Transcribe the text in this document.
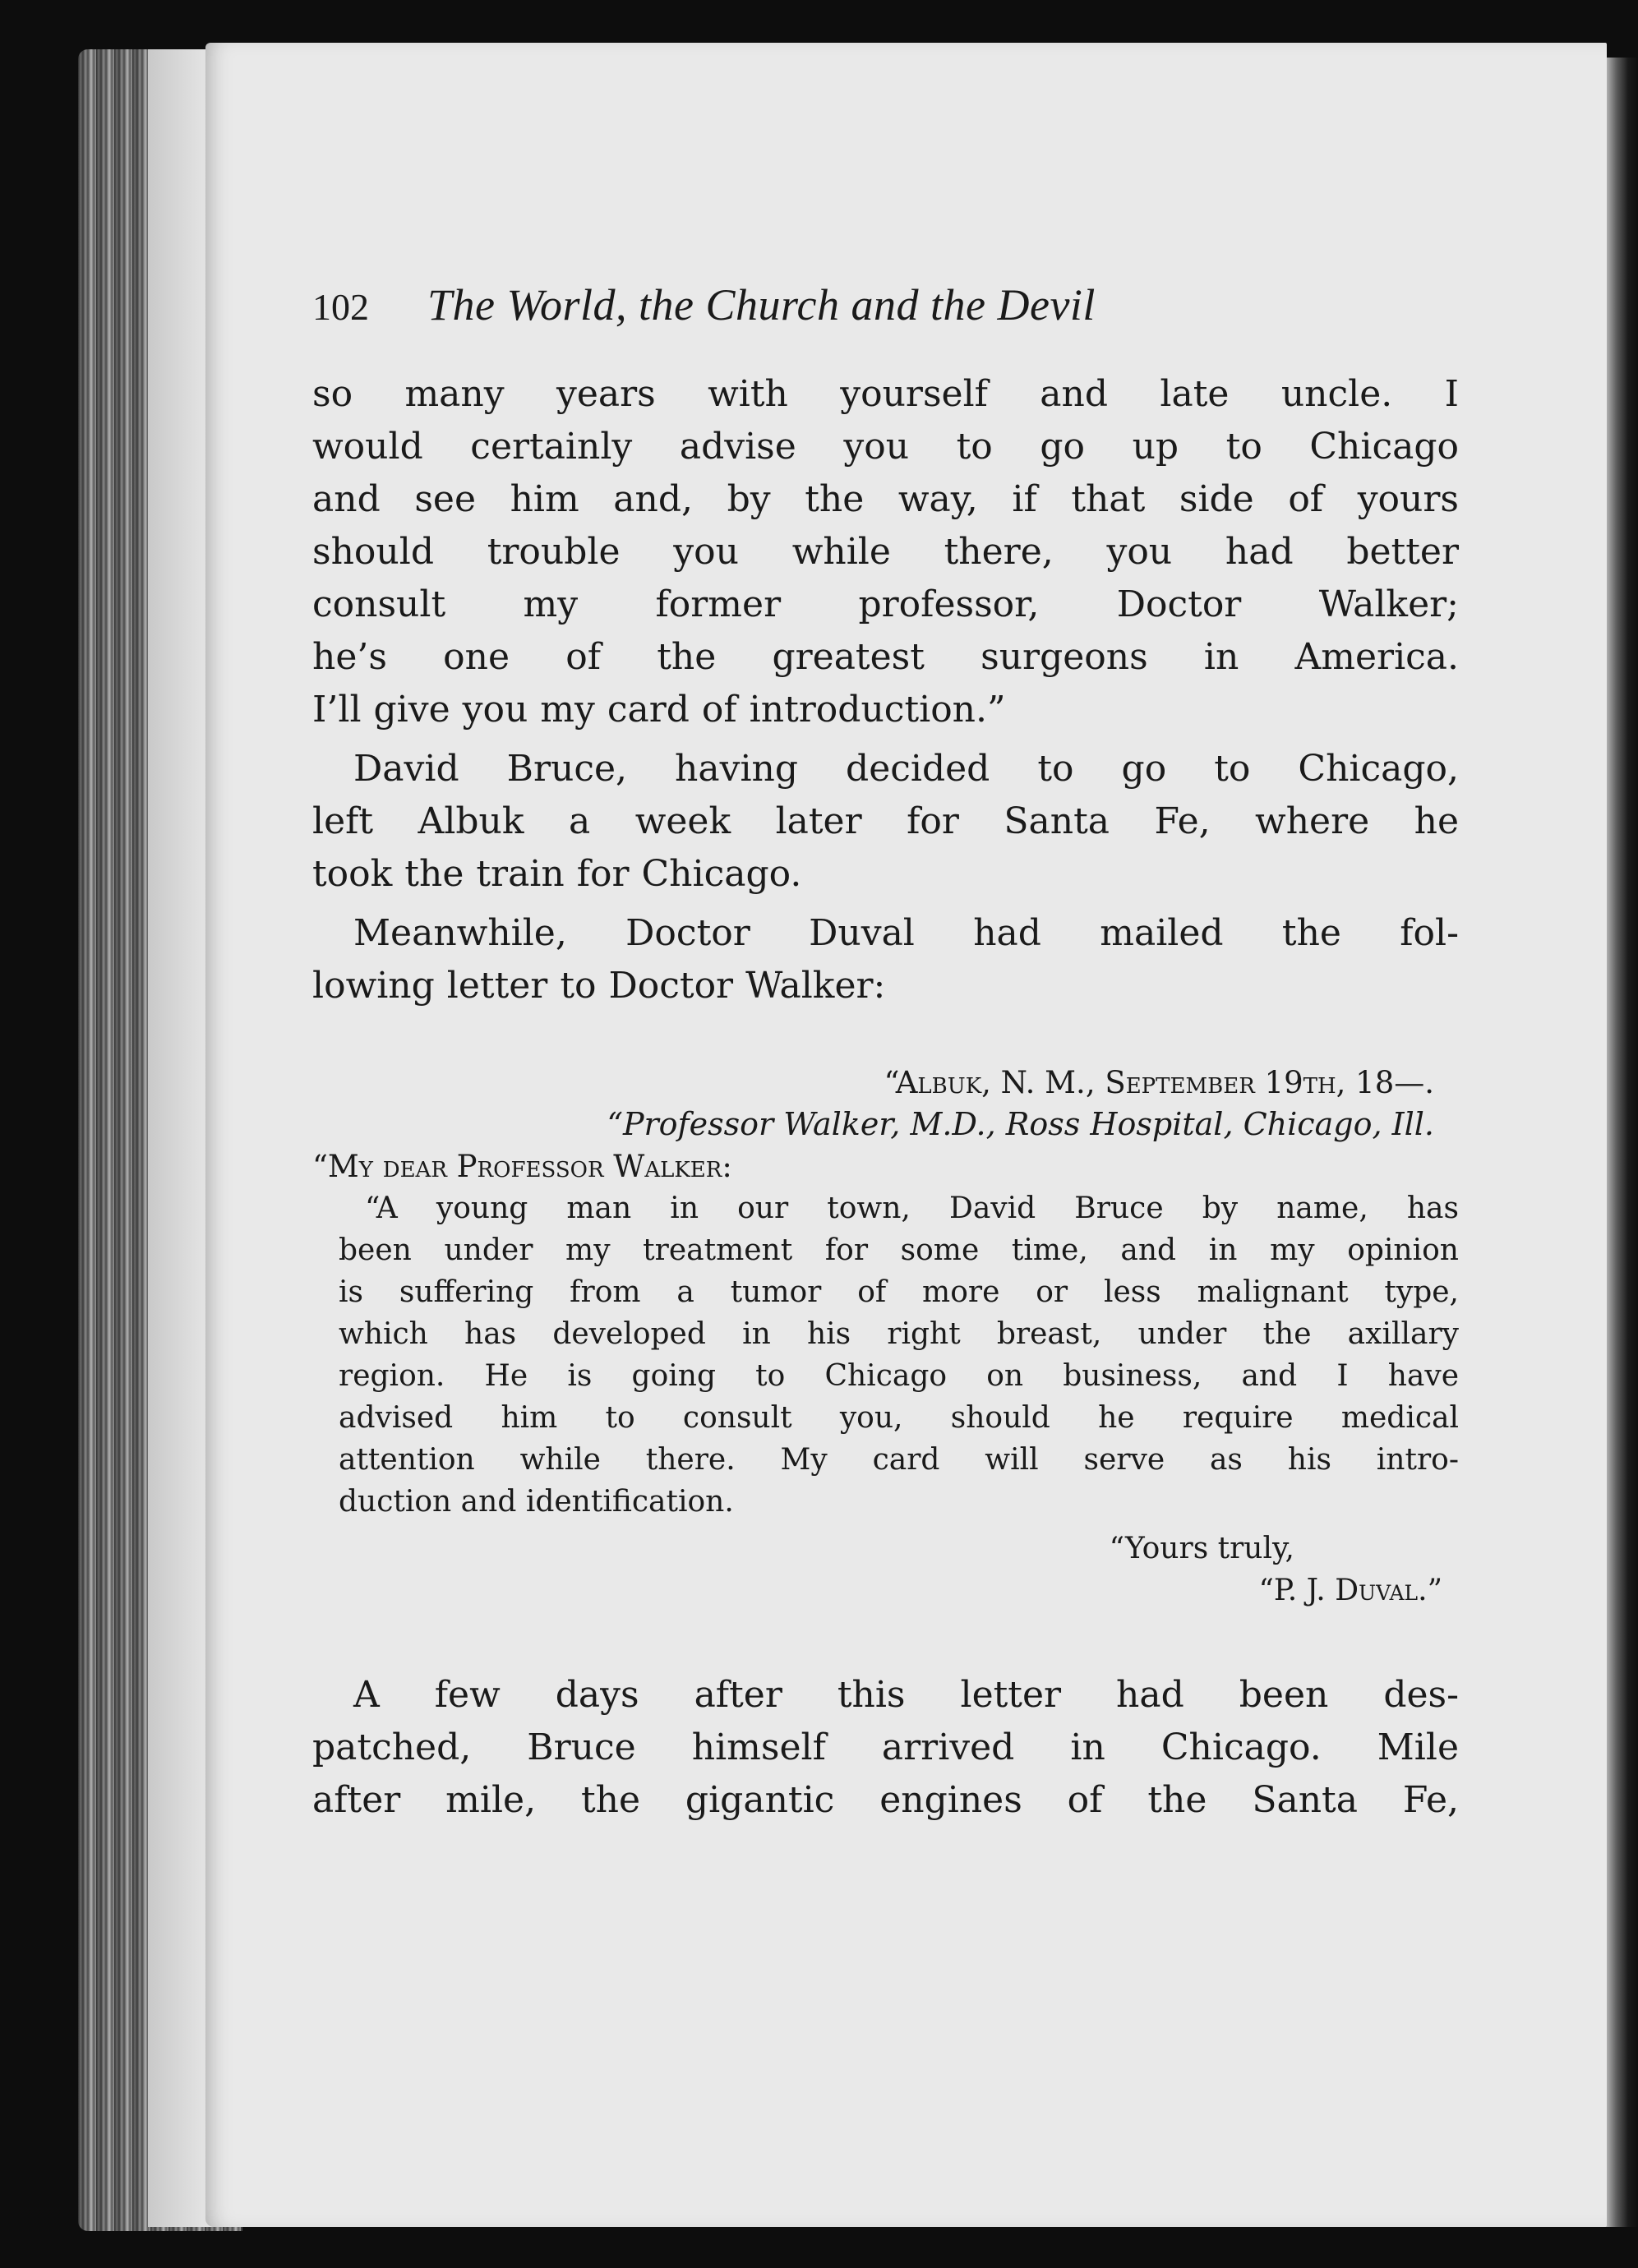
102	The World, the Church and the Devil

so many years with yourself and late uncle. I
would certainly advise you to go up to Chicago
and see him and, by the way, if that side of yours
should trouble you while there, you had better
consult my former professor, Doctor Walker;
he’s one of the greatest surgeons in America.
I’ll give you my card of introduction.”

David Bruce, having decided to go to Chicago,
left Albuk a week later for Santa Fe, where he
took the train for Chicago.

Meanwhile, Doctor Duval had mailed the fol-
lowing letter to Doctor Walker:

“Albuk, N. M., September 19th, 18—.
“Professor Walker, M.D., Ross Hospital, Chicago, Ill.
“My dear Professor Walker:

“A young man in our town, David Bruce by name, has
been under my treatment for some time, and in my opinion
is suffering from a tumor of more or less malignant type,
which has developed in his right breast, under the axillary
region. He is going to Chicago on business, and I have
advised him to consult you, should he require medical
attention while there. My card will serve as his intro-
duction and identification.

“Yours truly,
“P. J. Duval.”

A few days after this letter had been des-
patched, Bruce himself arrived in Chicago. Mile
after mile, the gigantic engines of the Santa Fe,
